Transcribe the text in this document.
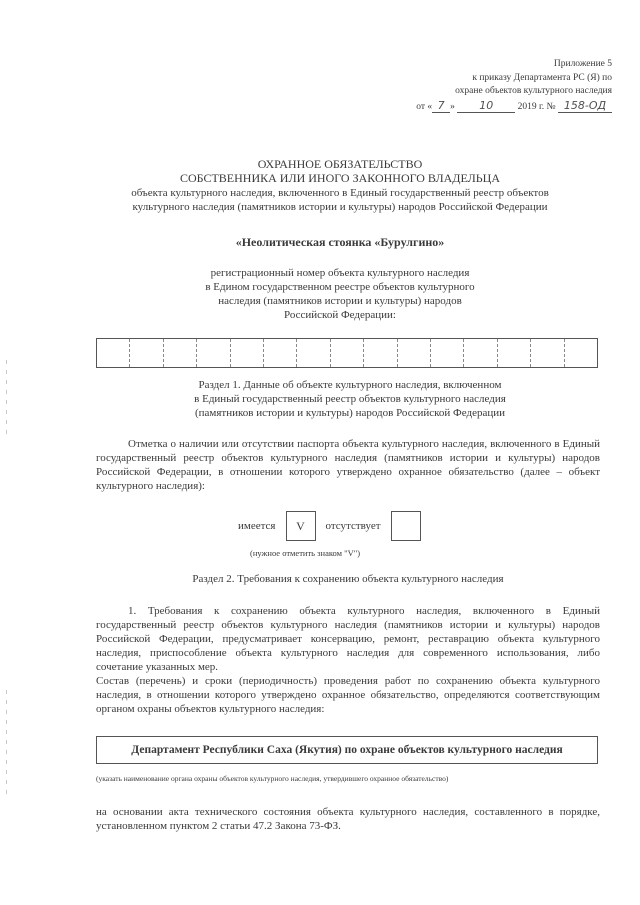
Приложение 5
к приказу Департамента РС (Я) по
охране объектов культурного наследия
от « 7 » 10	2019 г. № 158-ОД
ОХРАННОЕ ОБЯЗАТЕЛЬСТВО
СОБСТВЕННИКА ИЛИ ИНОГО ЗАКОННОГО ВЛАДЕЛЬЦА
объекта культурного наследия, включенного в Единый государственный реестр объектов
культурного наследия (памятников истории и культуры) народов Российской Федерации
«Неолитическая стоянка «Бурулгино»
регистрационный номер объекта культурного наследия
в Едином государственном реестре объектов культурного
наследия (памятников истории и культуры) народов
Российской Федерации:
Раздел 1. Данные об объекте культурного наследия, включенном
в Единый государственный реестр объектов культурного наследия
(памятников истории и культуры) народов Российской Федерации
Отметка о наличии или отсутствии паспорта объекта культурного наследия, включенного в Единый государственный реестр объектов культурного наследия (памятников истории и культуры) народов Российской Федерации, в отношении которого утверждено охранное обязательство (далее – объект культурного наследия):
имеется	V	отсутствует
(нужное отметить знаком "V")
Раздел 2. Требования к сохранению объекта культурного наследия
1. Требования к сохранению объекта культурного наследия, включенного в Единый государственный реестр объектов культурного наследия (памятников истории и культуры) народов Российской Федерации, предусматривает консервацию, ремонт, реставрацию объекта культурного наследия, приспособление объекта культурного наследия для современного использования, либо сочетание указанных мер.
Состав (перечень) и сроки (периодичность) проведения работ по сохранению объекта культурного наследия, в отношении которого утверждено охранное обязательство, определяются соответствующим органом охраны объектов культурного наследия:
Департамент Республики Саха (Якутия) по охране объектов культурного наследия
(указать наименование органа охраны объектов культурного наследия, утвердившего охранное обязательство)
на основании акта технического состояния объекта культурного наследия, составленного в порядке, установленном пунктом 2 статьи 47.2 Закона 73-ФЗ.
